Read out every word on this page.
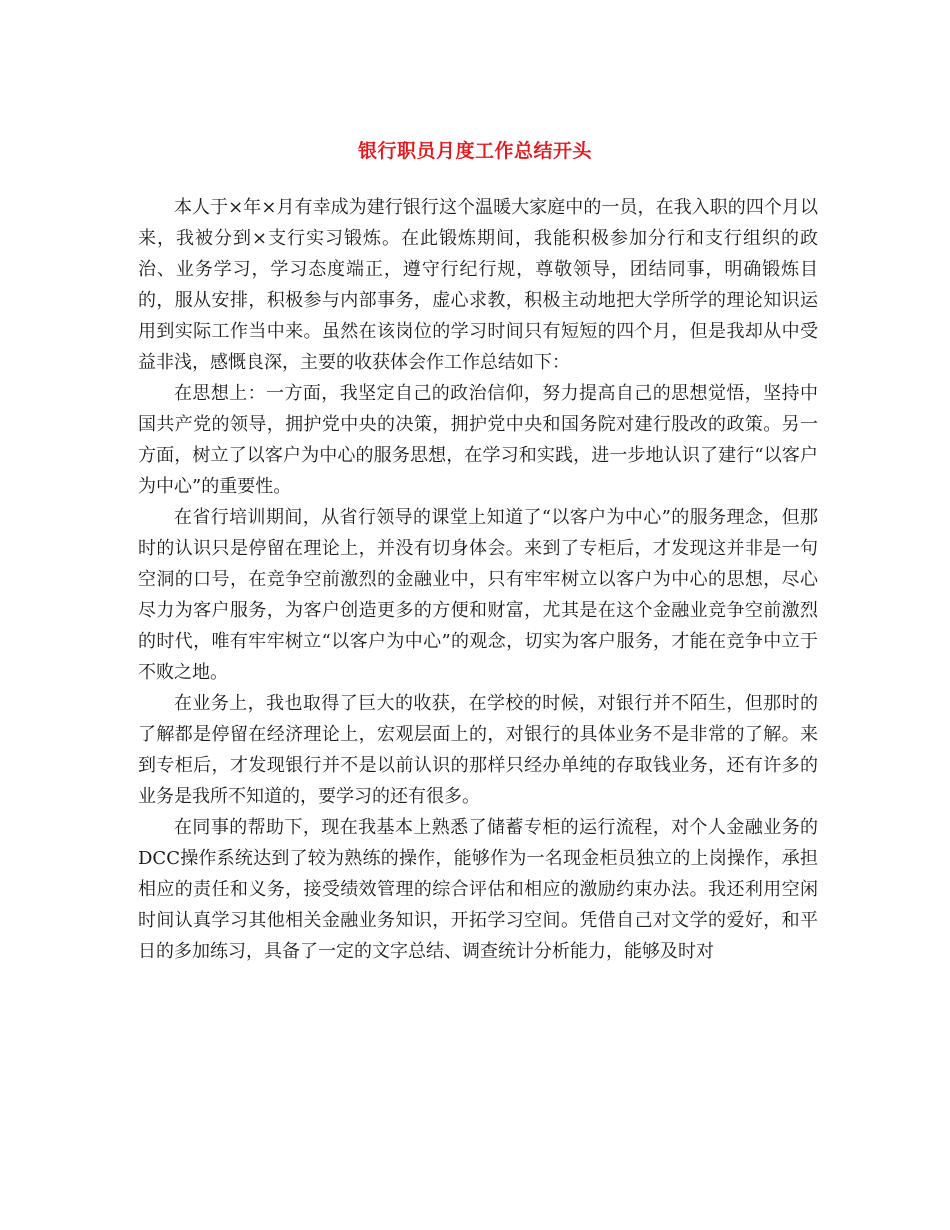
银行职员月度工作总结开头

本人于×年×月有幸成为建行银行这个温暖大家庭中的一员，在我入职的四个月以来，我被分到×支行实习锻炼。在此锻炼期间，我能积极参加分行和支行组织的政治、业务学习，学习态度端正，遵守行纪行规，尊敬领导，团结同事，明确锻炼目的，服从安排，积极参与内部事务，虚心求教，积极主动地把大学所学的理论知识运用到实际工作当中来。虽然在该岗位的学习时间只有短短的四个月，但是我却从中受益非浅，感慨良深，主要的收获体会作工作总结如下：

在思想上：一方面，我坚定自己的政治信仰，努力提高自己的思想觉悟，坚持中国共产党的领导，拥护党中央的决策，拥护党中央和国务院对建行股改的政策。另一方面，树立了以客户为中心的服务思想，在学习和实践，进一步地认识了建行“以客户为中心”的重要性。

在省行培训期间，从省行领导的课堂上知道了“以客户为中心”的服务理念，但那时的认识只是停留在理论上，并没有切身体会。来到了专柜后，才发现这并非是一句空洞的口号，在竞争空前激烈的金融业中，只有牢牢树立以客户为中心的思想，尽心尽力为客户服务，为客户创造更多的方便和财富，尤其是在这个金融业竞争空前激烈的时代，唯有牢牢树立“以客户为中心”的观念，切实为客户服务，才能在竞争中立于不败之地。

在业务上，我也取得了巨大的收获，在学校的时候，对银行并不陌生，但那时的了解都是停留在经济理论上，宏观层面上的，对银行的具体业务不是非常的了解。来到专柜后，才发现银行并不是以前认识的那样只经办单纯的存取钱业务，还有许多的业务是我所不知道的，要学习的还有很多。

在同事的帮助下，现在我基本上熟悉了储蓄专柜的运行流程，对个人金融业务的DCC操作系统达到了较为熟练的操作，能够作为一名现金柜员独立的上岗操作，承担相应的责任和义务，接受绩效管理的综合评估和相应的激励约束办法。我还利用空闲时间认真学习其他相关金融业务知识，开拓学习空间。凭借自己对文学的爱好，和平日的多加练习，具备了一定的文字总结、调查统计分析能力，能够及时对
